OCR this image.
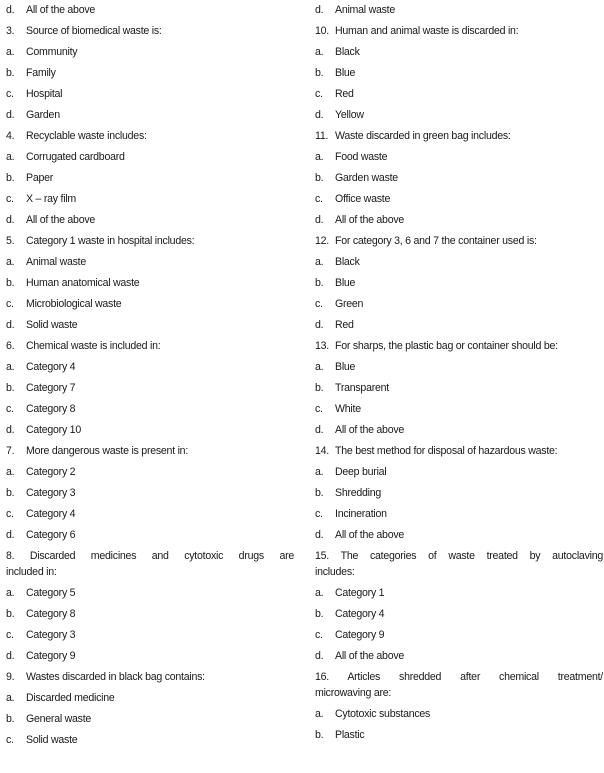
d. All of the above
3. Source of biomedical waste is:
a. Community
b. Family
c. Hospital
d. Garden
4. Recyclable waste includes:
a. Corrugated cardboard
b. Paper
c. X – ray film
d. All of the above
5. Category 1 waste in hospital includes:
a. Animal waste
b. Human anatomical waste
c. Microbiological waste
d. Solid waste
6. Chemical waste is included in:
a. Category 4
b. Category 7
c. Category 8
d. Category 10
7. More dangerous waste is present in:
a. Category 2
b. Category 3
c. Category 4
d. Category 6
8. Discarded medicines and cytotoxic drugs are
included in:
a. Category 5
b. Category 8
c. Category 3
d. Category 9
9. Wastes discarded in black bag contains:
a. Discarded medicine
b. General waste
c. Solid waste
d. Animal waste
10. Human and animal waste is discarded in:
a. Black
b. Blue
c. Red
d. Yellow
11. Waste discarded in green bag includes:
a. Food waste
b. Garden waste
c. Office waste
d. All of the above
12. For category 3, 6 and 7 the container used is:
a. Black
b. Blue
c. Green
d. Red
13. For sharps, the plastic bag or container should be:
a. Blue
b. Transparent
c. White
d. All of the above
14. The best method for disposal of hazardous waste:
a. Deep burial
b. Shredding
c. Incineration
d. All of the above
15. The categories of waste treated by autoclaving
includes:
a. Category 1
b. Category 4
c. Category 9
d. All of the above
16. Articles shredded after chemical treatment/
microwaving are:
a. Cytotoxic substances
b. Plastic
